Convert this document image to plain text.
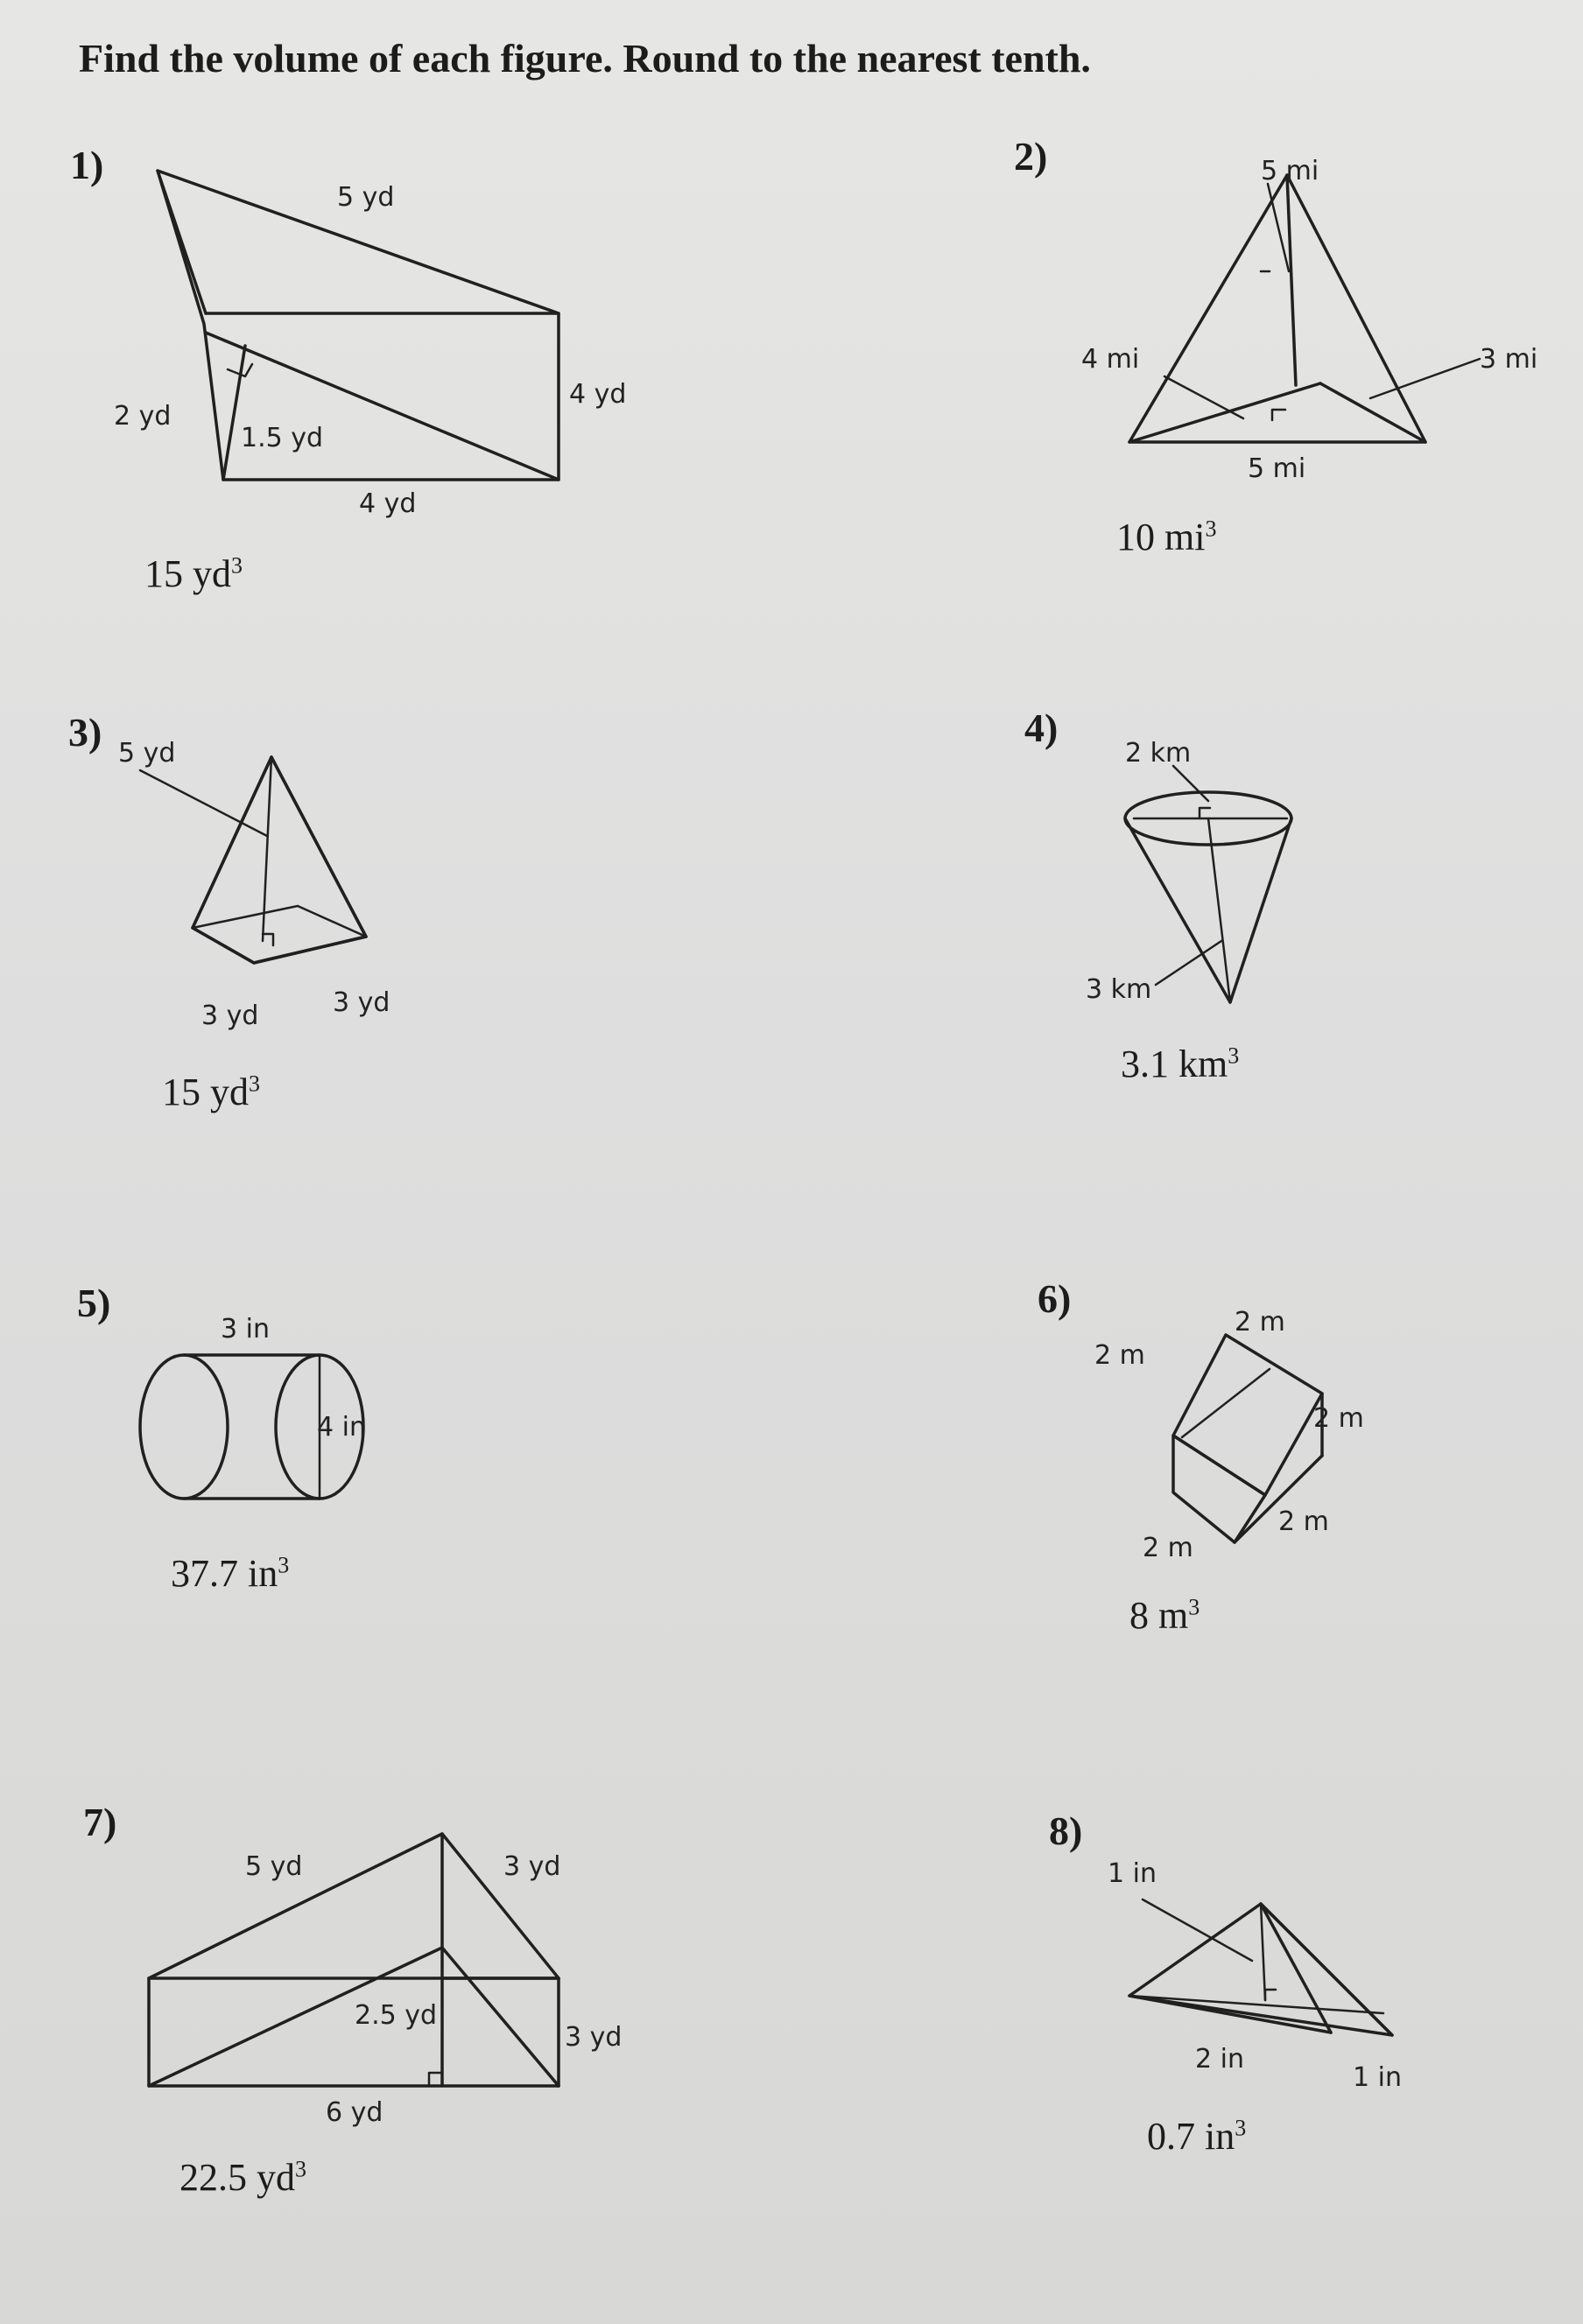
Find the volume of each figure. Round to the nearest tenth.
1)
5 yd
4 yd
2 yd
1.5 yd
4 yd
15 $yd^3$
2)	5 mi
4 mi	3 mi
5 mi
10 $mi^3$
3) 5 yd
3 yd	3 yd
15 $yd^3$
4)
2 km
3 km
3.1 $km^3$
5)
3 in
4 in
37.7 $in^3$
6)
2 m
2 m
2 m
2 m
2 m
8 $m^3$
7)
5 yd	3 yd
2.5 yd
3 yd
6 yd
22.5 $yd^3$
8)
1 in
2 in
1 in
0.7 $in^3$
